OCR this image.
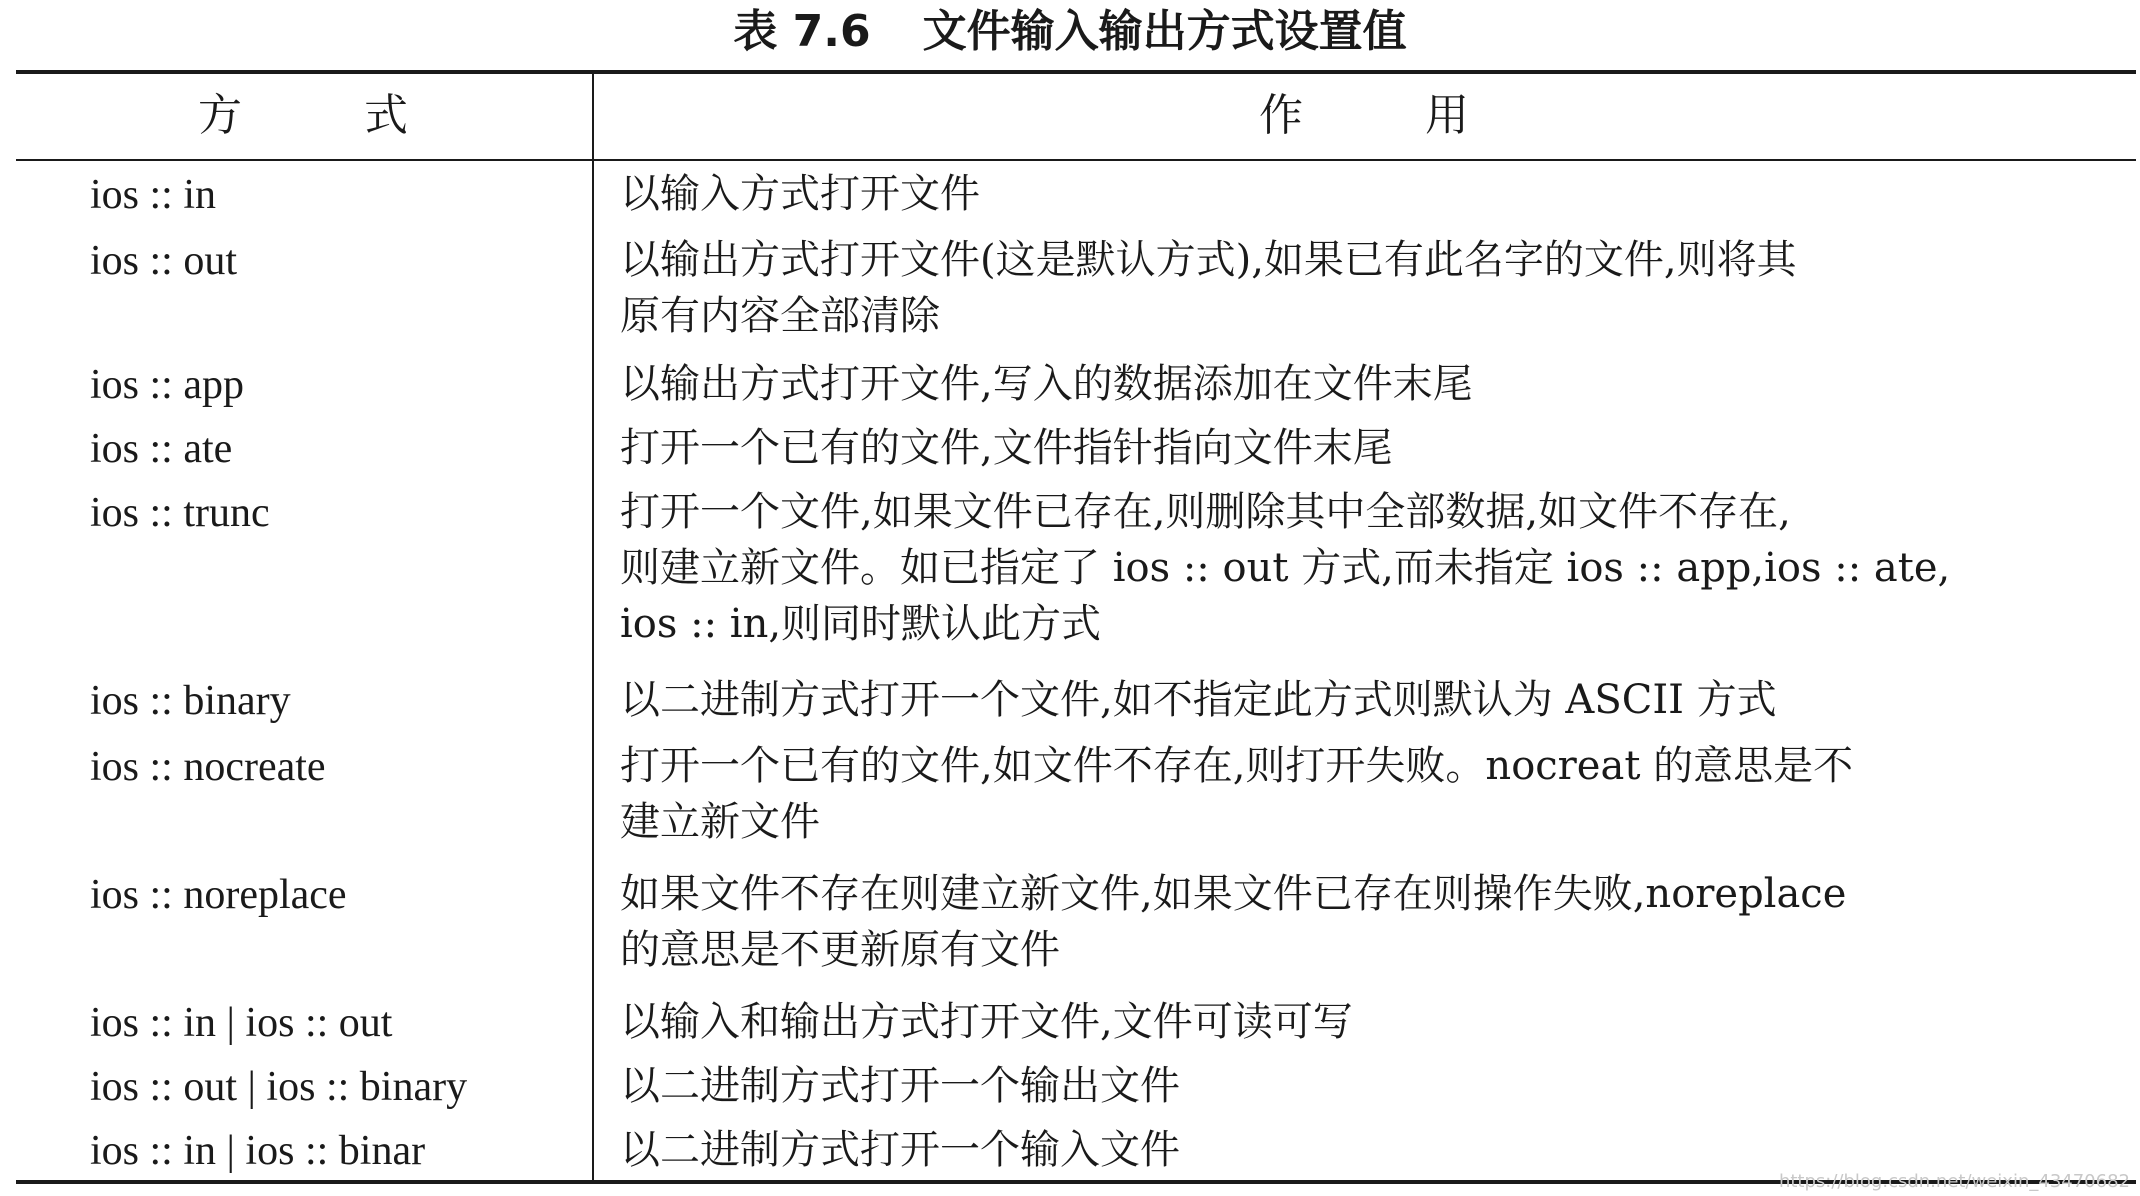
表 7.6 文件输入输出方式设置值
方	式	作	用
ios :: in	以输入方式打开文件
ios :: out	以输出方式打开文件(这是默认方式),如果已有此名字的文件,则将其
原有内容全部清除
ios :: app	以输出方式打开文件,写入的数据添加在文件末尾
ios :: ate	打开一个已有的文件,文件指针指向文件末尾
ios :: trunc	打开一个文件,如果文件已存在,则删除其中全部数据,如文件不存在,
则建立新文件。如已指定了 ios :: out 方式,而未指定 ios :: app,ios :: ate,
ios :: in,则同时默认此方式
ios :: binary	以二进制方式打开一个文件,如不指定此方式则默认为 ASCII 方式
ios :: nocreate	打开一个已有的文件,如文件不存在,则打开失败。nocreat 的意思是不
建立新文件
ios :: noreplace	如果文件不存在则建立新文件,如果文件已存在则操作失败,noreplace
的意思是不更新原有文件
ios :: in | ios :: out	以输入和输出方式打开文件,文件可读可写
ios :: out | ios :: binary	以二进制方式打开一个输出文件
ios :: in | ios :: binar	以二进制方式打开一个输入文件
https://blog.csdn.net/weixin_43470682
